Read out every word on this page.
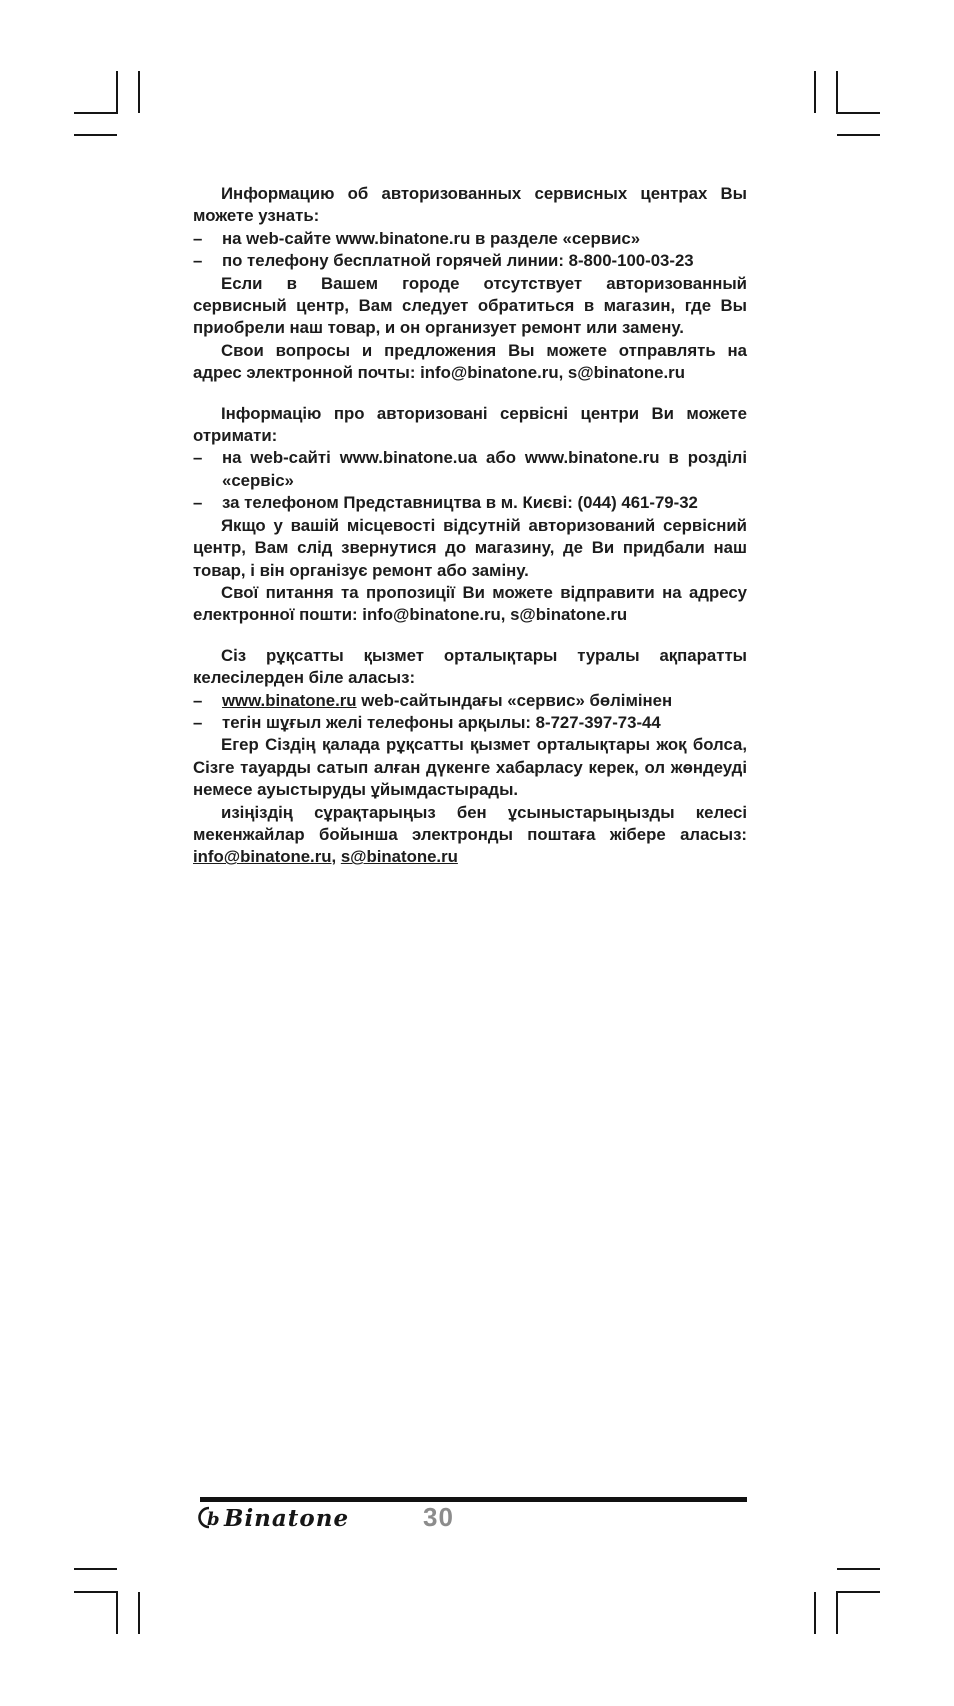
Информацию об авторизованных сервисных центрах Вы можете узнать:

– на web-сайте www.binatone.ru в разделе «сервис»
– по телефону бесплатной горячей линии: 8-800-100-03-23

Если в Вашем городе отсутствует авторизованный сервисный центр, Вам следует обратиться в магазин, где Вы приобрели наш товар, и он организует ремонт или замену.

Свои вопросы и предложения Вы можете отправлять на адрес электронной почты: info@binatone.ru, s@binatone.ru

Інформацію про авторизовані сервісні центри Ви можете отримати:

– на web-сайті www.binatone.ua або www.binatone.ru в розділі «сервіс»
– за телефоном Представництва в м. Києві: (044) 461-79-32

Якщо у вашій місцевості відсутній авторизований сервісний центр, Вам слід звернутися до магазину, де Ви придбали наш товар, і він організує ремонт або заміну.

Свої питання та пропозиції Ви можете відправити на адресу електронної пошти: info@binatone.ru, s@binatone.ru

Сіз рұқсатты қызмет орталықтары туралы ақпаратты келесілерден біле аласыз:

– www.binatone.ru web-сайтындағы «сервис» бөлімінен
– тегін шұғыл желі телефоны арқылы: 8-727-397-73-44

Егер Сіздің қалада рұқсатты қызмет орталықтары жоқ болса, Сізге тауарды сатып алған дүкенге хабарласу керек, ол жөндеуді немесе ауыстыруды ұйымдастырады.

изіңіздің сұрақтарыңыз бен ұсыныстарыңызды келесі мекенжайлар бойынша электронды поштаға жібере аласыз: info@binatone.ru, s@binatone.ru

b Binatone	30
